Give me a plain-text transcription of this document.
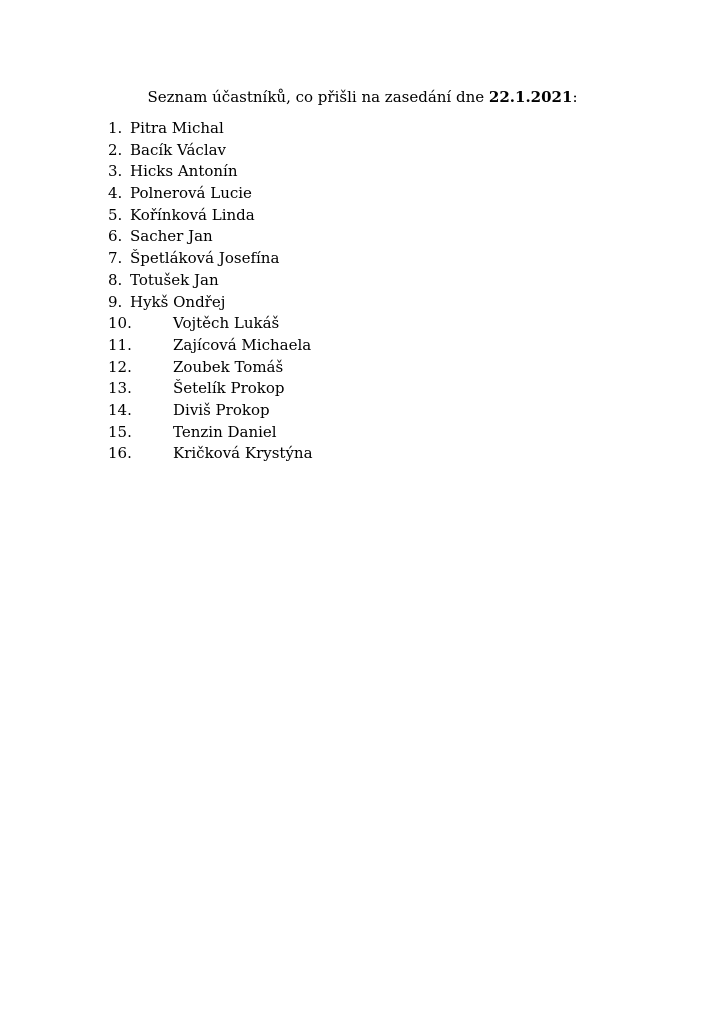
Seznam účastníků, co přišli na zasedání dne 22.1.2021:
1. Pitra Michal
2. Bacík Václav
3. Hicks Antonín
4. Polnerová Lucie
5. Kořínková Linda
6. Sacher Jan
7. Špetláková Josefína
8. Totušek Jan
9. Hykš Ondřej
10.	Vojtěch Lukáš
11.	Zajícová Michaela
12.	Zoubek Tomáš
13.	Šetelík Prokop
14.	Diviš Prokop
15.	Tenzin Daniel
16.	Kričková Krystýna
